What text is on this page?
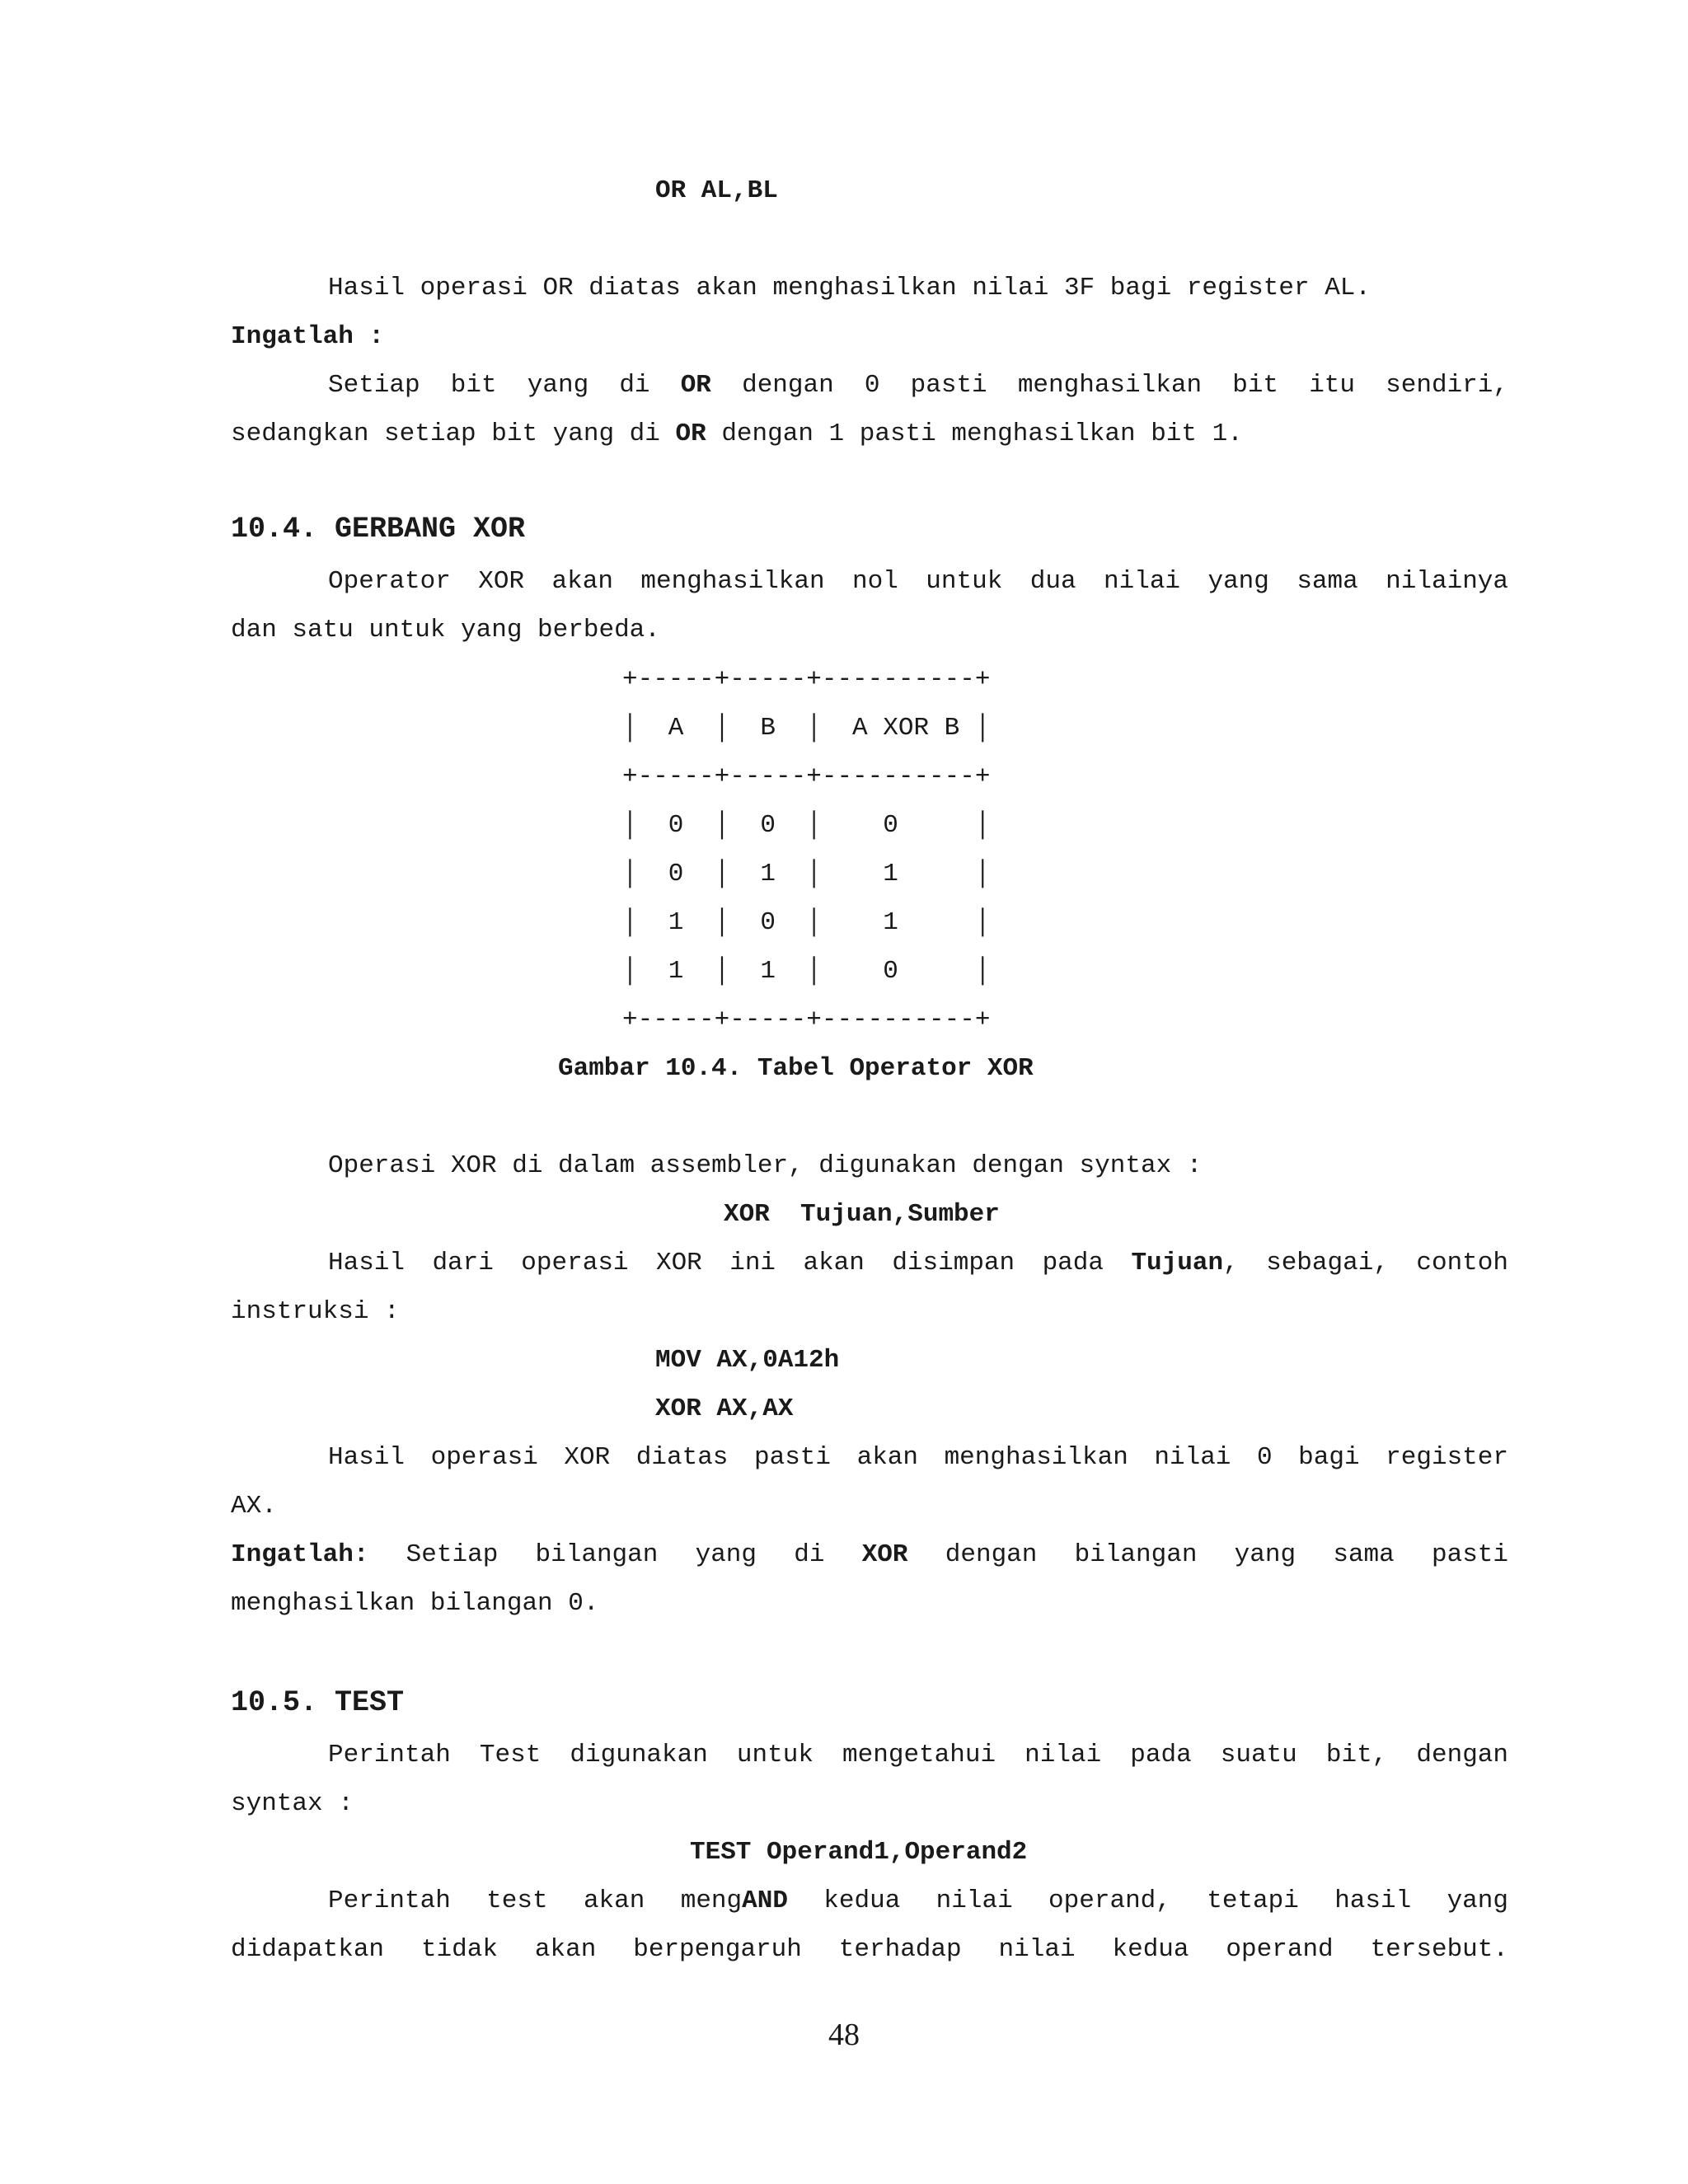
OR AL,BL

Hasil operasi OR diatas akan menghasilkan nilai 3F bagi register AL.

Ingatlah :

Setiap bit yang di OR dengan 0 pasti menghasilkan bit itu sendiri,

sedangkan setiap bit yang di OR dengan 1 pasti menghasilkan bit 1.

10.4. GERBANG XOR

Operator XOR akan menghasilkan nol untuk dua nilai yang sama nilainya

dan satu untuk yang berbeda.

+-----+-----+----------+

│  A  │  B  │  A XOR B │

+-----+-----+----------+

│  0  │  0  │    0     │

│  0  │  1  │    1     │

│  1  │  0  │    1     │

│  1  │  1  │    0     │

+-----+-----+----------+

Gambar 10.4. Tabel Operator XOR

Operasi XOR di dalam assembler, digunakan dengan syntax :

XOR  Tujuan,Sumber

Hasil dari operasi XOR ini akan disimpan pada Tujuan, sebagai, contoh

instruksi :

MOV AX,0A12h

XOR AX,AX

Hasil operasi XOR diatas pasti akan menghasilkan nilai 0 bagi register

AX.

Ingatlah: Setiap bilangan yang di XOR dengan bilangan yang sama pasti

menghasilkan bilangan 0.

10.5. TEST

Perintah Test digunakan untuk mengetahui nilai pada suatu bit, dengan

syntax :

TEST Operand1,Operand2

Perintah test akan mengAND kedua nilai operand, tetapi hasil yang

didapatkan tidak akan berpengaruh terhadap nilai kedua operand tersebut.

48
